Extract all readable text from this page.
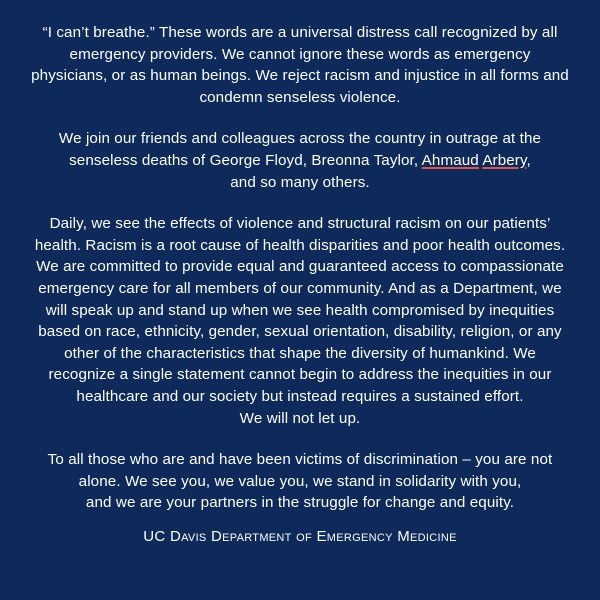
“I can’t breathe.” These words are a universal distress call recognized by all
emergency providers. We cannot ignore these words as emergency
physicians, or as human beings. We reject racism and injustice in all forms and
condemn senseless violence.

We join our friends and colleagues across the country in outrage at the
senseless deaths of George Floyd, Breonna Taylor, Ahmaud Arbery,
and so many others.

Daily, we see the effects of violence and structural racism on our patients’
health. Racism is a root cause of health disparities and poor health outcomes.
We are committed to provide equal and guaranteed access to compassionate
emergency care for all members of our community. And as a Department, we
will speak up and stand up when we see health compromised by inequities
based on race, ethnicity, gender, sexual orientation, disability, religion, or any
other of the characteristics that shape the diversity of humankind. We
recognize a single statement cannot begin to address the inequities in our
healthcare and our society but instead requires a sustained effort.
We will not let up.

To all those who are and have been victims of discrimination – you are not
alone. We see you, we value you, we stand in solidarity with you,
and we are your partners in the struggle for change and equity.

UC Davis Department of Emergency Medicine
